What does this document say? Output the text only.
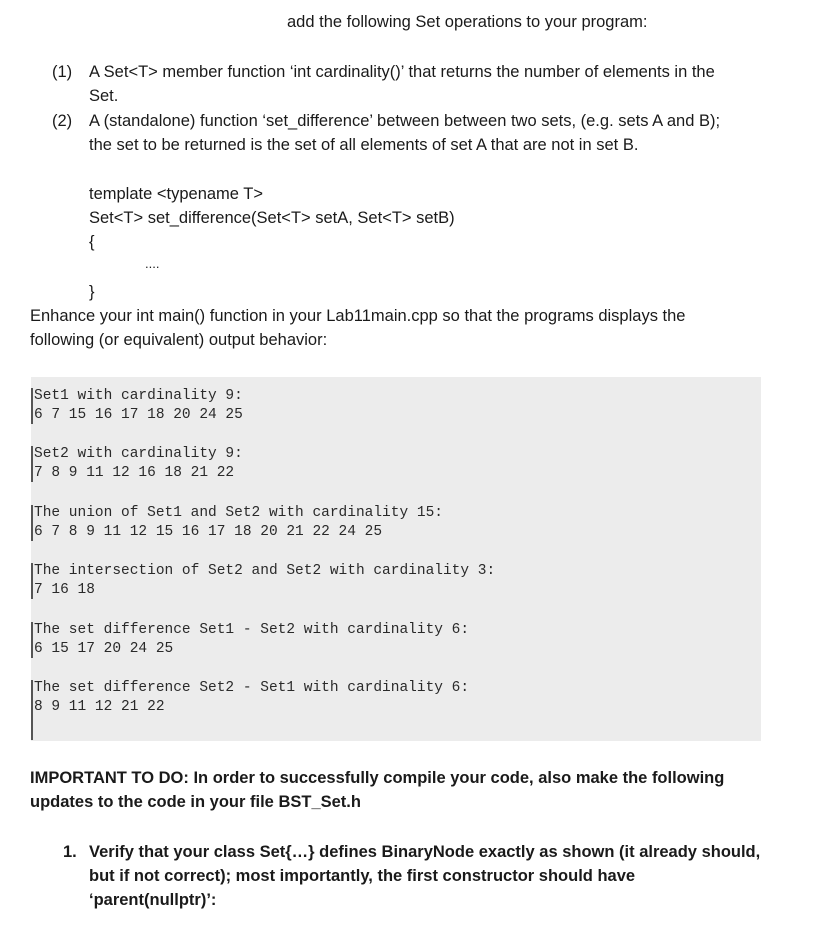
add the following Set operations to your program:
(1) A Set<T> member function ‘int cardinality()’ that returns the number of elements in the
Set.
(2) A (standalone) function ‘set_difference’ between between two sets, (e.g. sets A and B);
the set to be returned is the set of all elements of set A that are not in set B.
template <typename T>
Set<T> set_difference(Set<T> setA, Set<T> setB)
{
....
}
Enhance your int main() function in your Lab11main.cpp so that the programs displays the
following (or equivalent) output behavior:
Set1 with cardinality 9:
6 7 15 16 17 18 20 24 25
Set2 with cardinality 9:
7 8 9 11 12 16 18 21 22
The union of Set1 and Set2 with cardinality 15:
6 7 8 9 11 12 15 16 17 18 20 21 22 24 25
The intersection of Set2 and Set2 with cardinality 3:
7 16 18
The set difference Set1 - Set2 with cardinality 6:
6 15 17 20 24 25
The set difference Set2 - Set1 with cardinality 6:
8 9 11 12 21 22
IMPORTANT TO DO: In order to successfully compile your code, also make the following
updates to the code in your file BST_Set.h
1. Verify that your class Set{…} defines BinaryNode exactly as shown (it already should,
but if not correct); most importantly, the first constructor should have
‘parent(nullptr)’:
